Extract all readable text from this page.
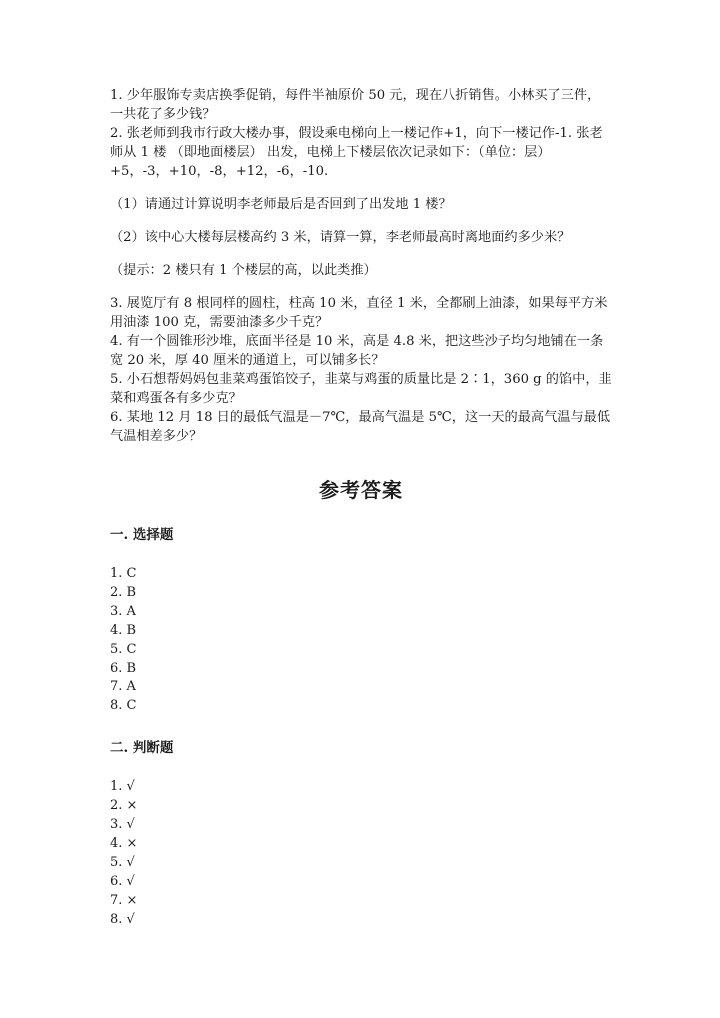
1. 少年服饰专卖店换季促销，每件半袖原价 50 元，现在八折销售。小林买了三件，一共花了多少钱？

2. 张老师到我市行政大楼办事，假设乘电梯向上一楼记作+1，向下一楼记作-1. 张老师从 1 楼 （即地面楼层） 出发，电梯上下楼层依次记录如下：（单位：层）+5，-3，+10，-8，+12，-6，-10.

（1）请通过计算说明李老师最后是否回到了出发地 1 楼？

（2）该中心大楼每层楼高约 3 米，请算一算，李老师最高时离地面约多少米？

（提示：2 楼只有 1 个楼层的高，以此类推）

3. 展览厅有 8 根同样的圆柱，柱高 10 米，直径 1 米，全都刷上油漆，如果每平方米用油漆 100 克，需要油漆多少千克？

4. 有一个圆锥形沙堆，底面半径是 10 米，高是 4.8 米，把这些沙子均匀地铺在一条宽 20 米，厚 40 厘米的通道上，可以铺多长？

5. 小石想帮妈妈包韭菜鸡蛋馅饺子，韭菜与鸡蛋的质量比是 2∶1，360 g 的馅中，韭菜和鸡蛋各有多少克？

6. 某地 12 月 18 日的最低气温是－7℃，最高气温是 5℃，这一天的最高气温与最低气温相差多少？

参考答案
一. 选择题

1. C

2. B

3. A

4. B

5. C

6. B

7. A

8. C

二. 判断题

1. √

2. ×

3. √

4. ×

5. √

6. √

7. ×

8. √
